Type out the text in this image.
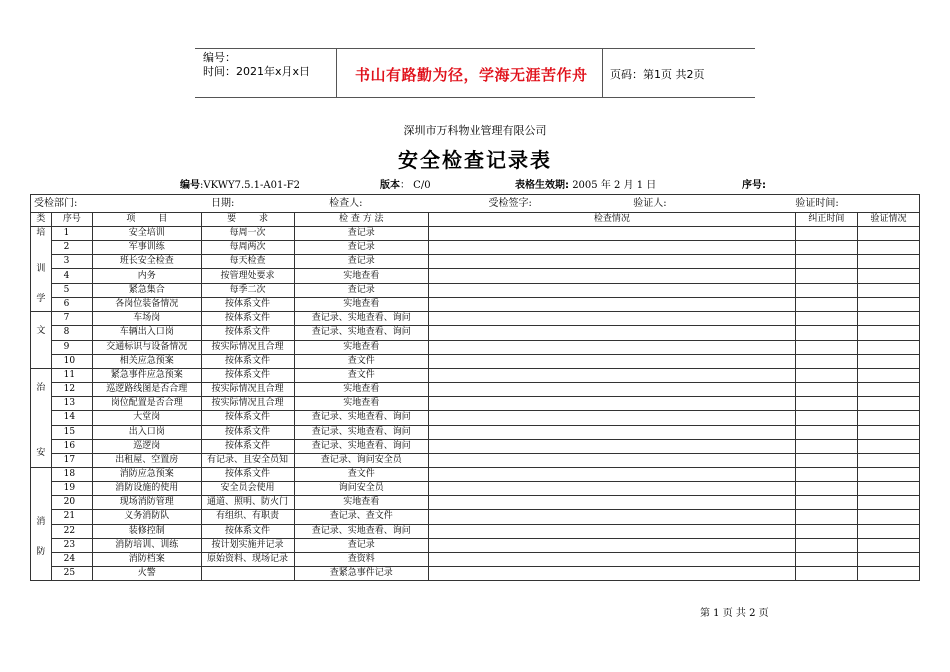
编号：
时间：2021年x月x日	书山有路勤为径，学海无涯苦作舟 页码：第1页 共2页
深圳市万科物业管理有限公司
安全检查记录表
编号:VKWY7.5.1-A01-F2	版本： C/0	表格生效期: 2005 年 2 月 1 日	序号:
受检部门:			日期:	检查人:	受检签字: 验证人:	验证时间:	
类	序号	项        目	要        求	检 查 方 法	检查情况	纠正时间	验证情况

培
训
学	1	安全培训	每周一次	查记录			
	2	军事训练	每周两次	查记录			
	3	班长安全检查	每天检查	查记录			
	4	内务	按管理处要求	实地查看			
	5	紧急集合	每季二次	查记录			
	6	各岗位装备情况	按体系文件	实地查看			

文	7	车场岗	按体系文件	查记录、实地查看、询问			
	8	车辆出入口岗	按体系文件	查记录、实地查看、询问			
	9	交通标识与设备情况	按实际情况且合理	实地查看			
	10	相关应急预案	按体系文件	查文件			

治
安	11	紧急事件应急预案	按体系文件	查文件			
	12	巡逻路线图是否合理	按实际情况且合理	实地查看			
	13	岗位配置是否合理	按实际情况且合理	实地查看			
	14	大堂岗	按体系文件	查记录、实地查看、询问			
	15	出入口岗	按体系文件	查记录、实地查看、询问			
	16	巡逻岗	按体系文件	查记录、实地查看、询问			
	17	出租屋、空置房	有记录、且安全员知	查记录、询问安全员			

消
防	18	消防应急预案	按体系文件	查文件			
	19	消防设施的使用	安全员会使用	询问安全员			
	20	现场消防管理	通道、照明、防火门	实地查看			
	21	义务消防队	有组织、有职责	查记录、查文件			
	22	装修控制	按体系文件	查记录、实地查看、询问			
	23	消防培训、训练	按计划实施并记录	查记录			
	24	消防档案	原始资料、现场记录	查资料			
	25	火警		查紧急事件记录			
第 1 页 共 2 页
